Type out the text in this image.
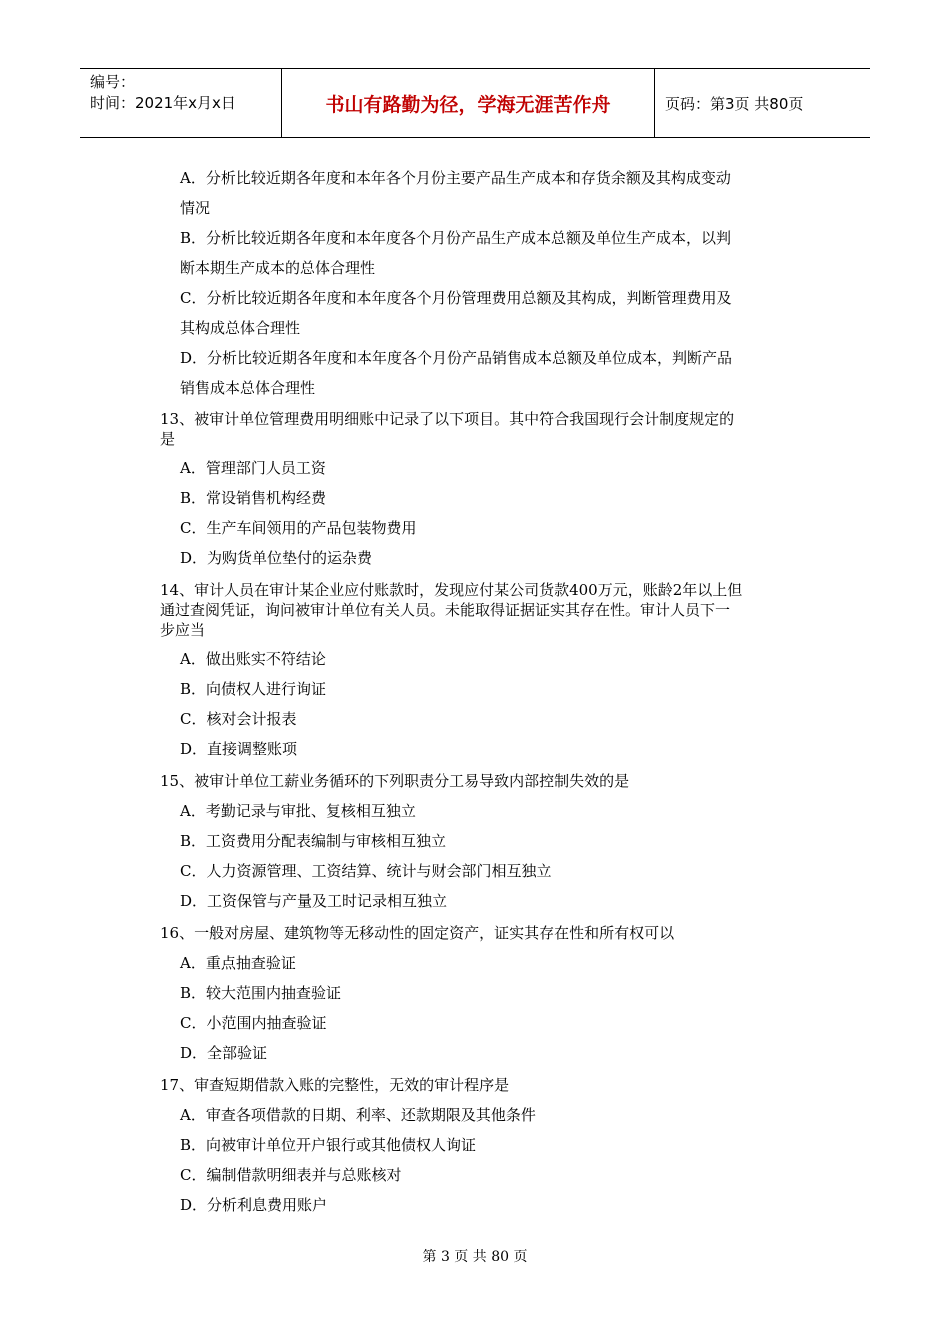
编号：
时间：2021年x月x日	书山有路勤为径，学海无涯苦作舟	页码：第3页 共80页
A．分析比较近期各年度和本年各个月份主要产品生产成本和存货余额及其构成变动
情况
B．分析比较近期各年度和本年度各个月份产品生产成本总额及单位生产成本，以判
断本期生产成本的总体合理性
C．分析比较近期各年度和本年度各个月份管理费用总额及其构成，判断管理费用及
其构成总体合理性
D．分析比较近期各年度和本年度各个月份产品销售成本总额及单位成本，判断产品
销售成本总体合理性
13、被审计单位管理费用明细账中记录了以下项目。其中符合我国现行会计制度规定的
是
A．管理部门人员工资
B．常设销售机构经费
C．生产车间领用的产品包装物费用
D．为购货单位垫付的运杂费
14、审计人员在审计某企业应付账款时，发现应付某公司货款400万元，账龄2年以上但
通过查阅凭证，询问被审计单位有关人员。未能取得证据证实其存在性。审计人员下一
步应当
A．做出账实不符结论
B．向债权人进行询证
C．核对会计报表
D．直接调整账项
15、被审计单位工薪业务循环的下列职责分工易导致内部控制失效的是
A．考勤记录与审批、复核相互独立
B．工资费用分配表编制与审核相互独立
C．人力资源管理、工资结算、统计与财会部门相互独立
D．工资保管与产量及工时记录相互独立
16、一般对房屋、建筑物等无移动性的固定资产，证实其存在性和所有权可以
A．重点抽查验证
B．较大范围内抽查验证
C．小范围内抽查验证
D．全部验证
17、审查短期借款入账的完整性，无效的审计程序是
A．审查各项借款的日期、利率、还款期限及其他条件
B．向被审计单位开户银行或其他债权人询证
C．编制借款明细表并与总账核对
D．分析利息费用账户
第 3 页 共 80 页
